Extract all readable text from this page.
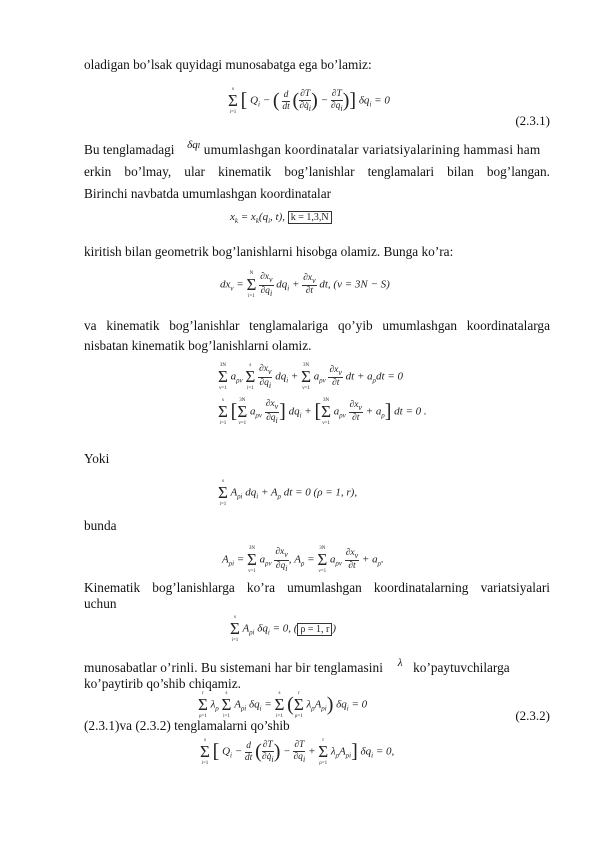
oladigan bo’lsak quyidagi munosabatga ega bo’lamiz:
s
Σ
i=1
[ $Q_i$ − ( $\frac{d}{dt}$ ( $\frac{\partial T}{\partial q̇_i}$ ) − $\frac{\partial T}{\partial q_i}$ )] $\delta q_i = 0$
(2.3.1)
Bu tenglamadagi δqₗ umumlashgan koordinatalar variatsiyalarining hammasi ham
erkin bo’lmay, ular kinematik bog’lanishlar tenglamalari bilan bog’langan.
Birinchi navbatda umumlashgan koordinatalar
$x_k = x_k(q_i$, t), k = 1,3,N
kiritish bilan geometrik bog’lanishlarni hisobga olamiz. Bunga ko’ra:
$dx_\nu$ =
N
Σ
i=1
$\frac{\partial x_\nu}{\partial q_i} dq_i + \frac{\partial x_\nu}{\partial t}$ dt, (ν = 3N − S)
va kinematik bog’lanishlar tenglamalariga qo’yib umumlashgan koordinatalarga
nisbatan kinematik bog’lanishlarni olamiz.
3N
Σ
ν=1
$a_{\rho\nu}$
s
Σ
i=1
$\frac{\partial x_\nu}{\partial q_i} dq_i$ +
3N
Σ
ν=1
$a_{\rho\nu} \frac{\partial x_\nu}{\partial t}$ dt + $a_\rho dt = 0$
s
Σ
i=1
[ 3N
Σ
ν=1
$a_{\rho\nu} \frac{\partial x_\nu}{\partial q_i}$ ] $dq_i$ + [ 3N
Σ
ν=1
$a_{\rho\nu} \frac{\partial x_\nu}{\partial t} + a_\rho$] dt = 0 .
Yoki
s
Σ
i=1
$A_{\rho i}$ $dq_i + A_\rho$ dt = 0 (ρ = 1, r),
bunda
$A_{\rho i}$ =
3N
Σ
ν=1
$a_{\rho\nu} \frac{\partial x_\nu}{\partial q_i}$ , $A_\rho$ =
3N
Σ
ν=1
$a_{\rho\nu} \frac{\partial x_\nu}{\partial t} + a_\rho$.
Kinematik bog’lanishlarga ko’ra umumlashgan koordinatalarning variatsiyalari
uchun
s
Σ
i=1
$A_{\rho i}$ $\delta q_i = 0$, ( ρ = 1, r )
munosabatlar o’rinli. Bu sistemani har bir tenglamasini λ ko’paytuvchilarga
ko’paytirib qo’shib chiqamiz.
r
Σ
ρ=1
$\lambda_\rho$
s
Σ
i=1
$A_{\rho i}$ $\delta q_i$ =
s
Σ
i=1
( r
Σ
ρ=1
$\lambda_\rho A_{\rho i}$) $\delta q_i = 0$
(2.3.2)
(2.3.1)va (2.3.2) tenglamalarni qo’shib
s
Σ
i=1
[ $Q_i - \frac{d}{dt}$ ( $\frac{\partial T}{\partial q̇_i}$ ) − $\frac{\partial T}{\partial q_i}$ +
r
Σ
ρ=1
$\lambda_\rho A_{\rho i}$] $\delta q_i = 0$,
